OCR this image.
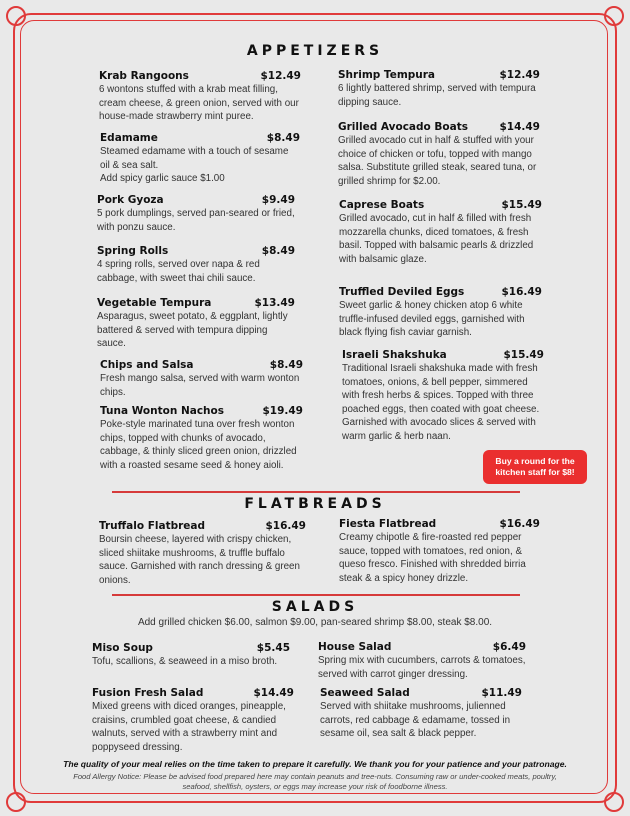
APPETIZERS
Krab Rangoons	$12.49
6 wontons stuffed with a krab meat filling, cream cheese, & green onion, served with our house-made strawberry mint puree.
Edamame	$8.49
Steamed edamame with a touch of sesame oil & sea salt.
Add spicy garlic sauce $1.00
Pork Gyoza	$9.49
5 pork dumplings, served pan-seared or fried, with ponzu sauce.
Spring Rolls	$8.49
4 spring rolls, served over napa & red cabbage, with sweet thai chili sauce.
Vegetable Tempura	$13.49
Asparagus, sweet potato, & eggplant, lightly battered & served with tempura dipping sauce.
Chips and Salsa	$8.49
Fresh mango salsa, served with warm wonton chips.
Tuna Wonton Nachos	$19.49
Poke-style marinated tuna over fresh wonton chips, topped with chunks of avocado, cabbage, & thinly sliced green onion, drizzled with a roasted sesame seed & honey aioli.
Shrimp Tempura	$12.49
6 lightly battered shrimp, served with tempura dipping sauce.
Grilled Avocado Boats	$14.49
Grilled avocado cut in half & stuffed with your choice of chicken or tofu, topped with mango salsa. Substitute grilled steak, seared tuna, or grilled shrimp for $2.00.
Caprese Boats	$15.49
Grilled avocado, cut in half & filled with fresh mozzarella chunks, diced tomatoes, & fresh basil. Topped with balsamic pearls & drizzled with balsamic glaze.
Truffled Deviled Eggs	$16.49
Sweet garlic & honey chicken atop 6 white truffle-infused deviled eggs, garnished with black flying fish caviar garnish.
Israeli Shakshuka	$15.49
Traditional Israeli shakshuka made with fresh tomatoes, onions, & bell pepper, simmered with fresh herbs & spices. Topped with three poached eggs, then coated with goat cheese. Garnished with avocado slices & served with warm garlic & herb naan.
Buy a round for the kitchen staff for $8!
FLATBREADS
Truffalo Flatbread	$16.49
Boursin cheese, layered with crispy chicken, sliced shiitake mushrooms, & truffle buffalo sauce. Garnished with ranch dressing & green onions.
Fiesta Flatbread	$16.49
Creamy chipotle & fire-roasted red pepper sauce, topped with tomatoes, red onion, & queso fresco. Finished with shredded birria steak & a spicy honey drizzle.
SALADS
Add grilled chicken $6.00, salmon $9.00, pan-seared shrimp $8.00, steak $8.00.
Miso Soup	$5.45
Tofu, scallions, & seaweed in a miso broth.
Fusion Fresh Salad	$14.49
Mixed greens with diced oranges, pineapple, craisins, crumbled goat cheese, & candied walnuts, served with a strawberry mint and poppyseed dressing.
House Salad	$6.49
Spring mix with cucumbers, carrots & tomatoes, served with carrot ginger dressing.
Seaweed Salad	$11.49
Served with shiitake mushrooms, julienned carrots, red cabbage & edamame, tossed in sesame oil, sea salt & black pepper.
The quality of your meal relies on the time taken to prepare it carefully. We thank you for your patience and your patronage.
Food Allergy Notice: Please be advised food prepared here may contain peanuts and tree-nuts. Consuming raw or under-cooked meats, poultry, seafood, shellfish, oysters, or eggs may increase your risk of foodborne illness.
